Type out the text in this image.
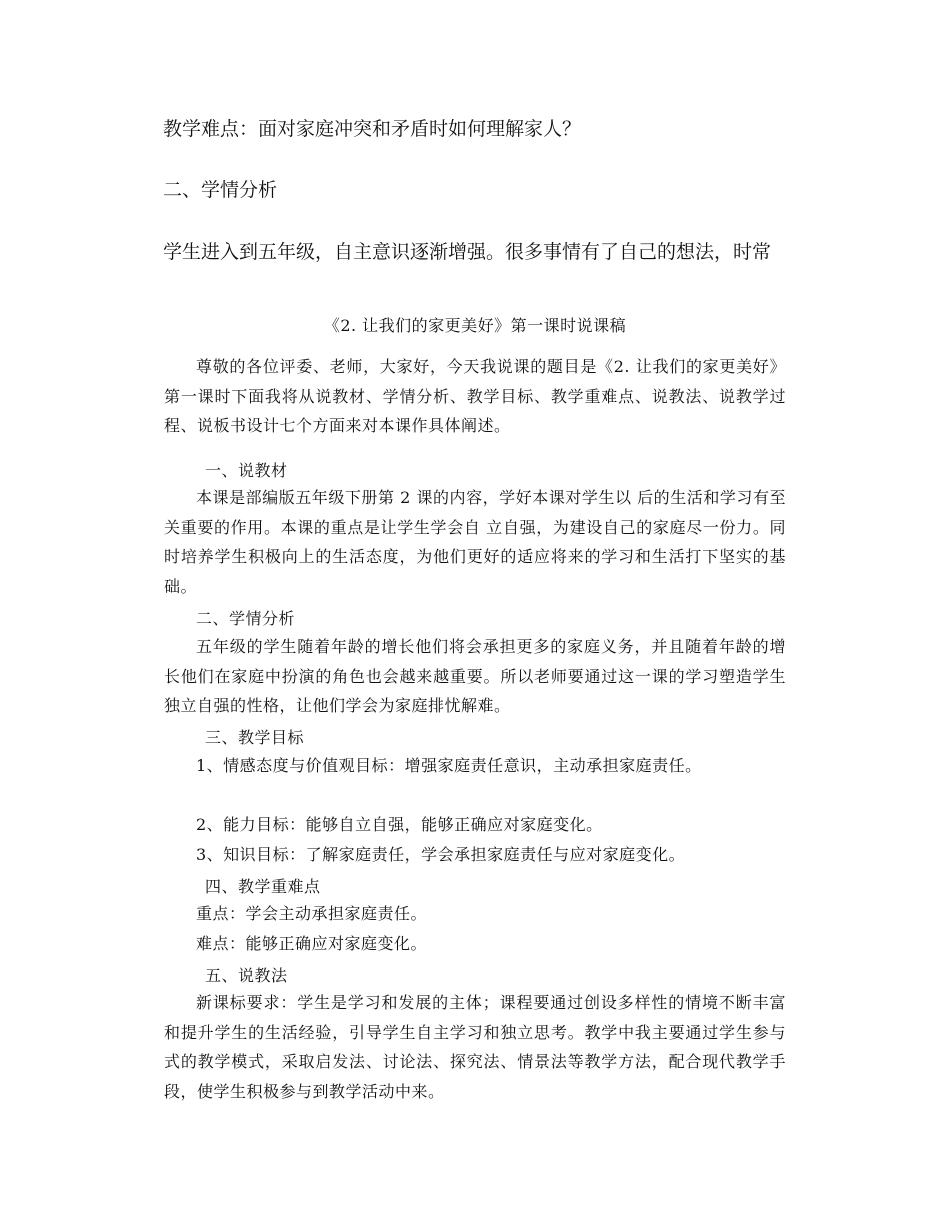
教学难点：面对家庭冲突和矛盾时如何理解家人？
二、学情分析
学生进入到五年级，自主意识逐渐增强。很多事情有了自己的想法，时常
《2. 让我们的家更美好》第一课时说课稿

尊敬的各位评委、老师，大家好，今天我说课的题目是《2. 让我们的家更美好》第一课时下面我将从说教材、学情分析、教学目标、教学重难点、说教法、说教学过程、说板书设计七个方面来对本课作具体阐述。

一、说教材

本课是部编版五年级下册第 2 课的内容，学好本课对学生以 后的生活和学习有至关重要的作用。本课的重点是让学生学会自 立自强，为建设自己的家庭尽一份力。同时培养学生积极向上的生活态度，为他们更好的适应将来的学习和生活打下坚实的基础。

二、学情分析

五年级的学生随着年龄的增长他们将会承担更多的家庭义务，并且随着年龄的增长他们在家庭中扮演的角色也会越来越重要。所以老师要通过这一课的学习塑造学生独立自强的性格，让他们学会为家庭排忧解难。

三、教学目标

1、情感态度与价值观目标：增强家庭责任意识，主动承担家庭责任。

2、能力目标：能够自立自强，能够正确应对家庭变化。

3、知识目标：了解家庭责任，学会承担家庭责任与应对家庭变化。

四、教学重难点

重点：学会主动承担家庭责任。

难点：能够正确应对家庭变化。

五、说教法

新课标要求：学生是学习和发展的主体；课程要通过创设多样性的情境不断丰富和提升学生的生活经验，引导学生自主学习和独立思考。教学中我主要通过学生参与式的教学模式，采取启发法、讨论法、探究法、情景法等教学方法，配合现代教学手段，使学生积极参与到教学活动中来。
